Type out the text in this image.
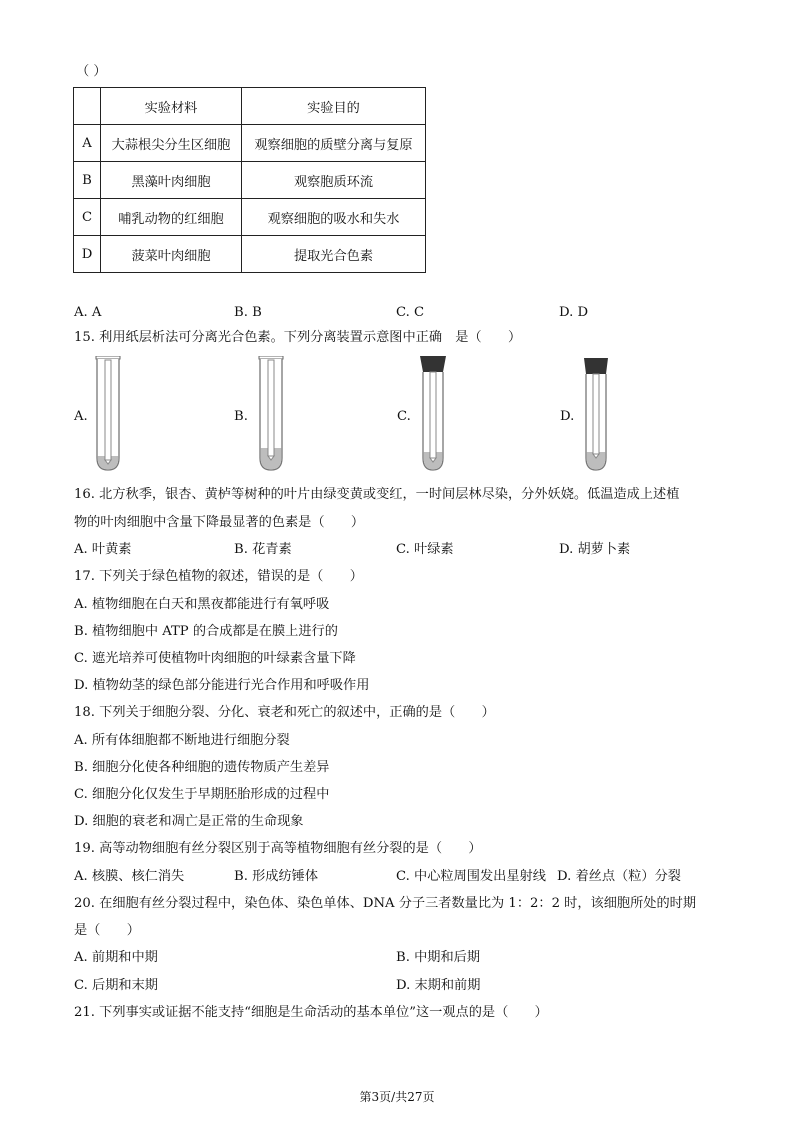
（ ）
	实验材料	实验目的
A	大蒜根尖分生区细胞	观察细胞的质壁分离与复原
B	黑藻叶肉细胞	观察胞质环流
C	哺乳动物的红细胞	观察细胞的吸水和失水
D	菠菜叶肉细胞	提取光合色素
A. A	B. B	C. C	D. D
15. 利用纸层析法可分离光合色素。下列分离装置示意图中正确　是（　　）
A.	B.	C.	D.
16. 北方秋季，银杏、黄栌等树种的叶片由绿变黄或变红，一时间层林尽染，分外妖娆。低温造成上述植
物的叶肉细胞中含量下降最显著的色素是（　　）
A. 叶黄素	B. 花青素	C. 叶绿素	D. 胡萝卜素
17. 下列关于绿色植物的叙述，错误的是（　　）
A. 植物细胞在白天和黑夜都能进行有氧呼吸
B. 植物细胞中 ATP 的合成都是在膜上进行的
C. 遮光培养可使植物叶肉细胞的叶绿素含量下降
D. 植物幼茎的绿色部分能进行光合作用和呼吸作用
18. 下列关于细胞分裂、分化、衰老和死亡的叙述中，正确的是（　　）
A. 所有体细胞都不断地进行细胞分裂
B. 细胞分化使各种细胞的遗传物质产生差异
C. 细胞分化仅发生于早期胚胎形成的过程中
D. 细胞的衰老和凋亡是正常的生命现象
19. 高等动物细胞有丝分裂区别于高等植物细胞有丝分裂的是（　　）
A. 核膜、核仁消失	B. 形成纺锤体	C. 中心粒周围发出星射线 D. 着丝点（粒）分裂
20. 在细胞有丝分裂过程中，染色体、染色单体、DNA 分子三者数量比为 1：2：2 时，该细胞所处的时期
是（　　）
A. 前期和中期	B. 中期和后期
C. 后期和末期	D. 末期和前期
21. 下列事实或证据不能支持“细胞是生命活动的基本单位”这一观点的是（　　）
第3页/共27页
